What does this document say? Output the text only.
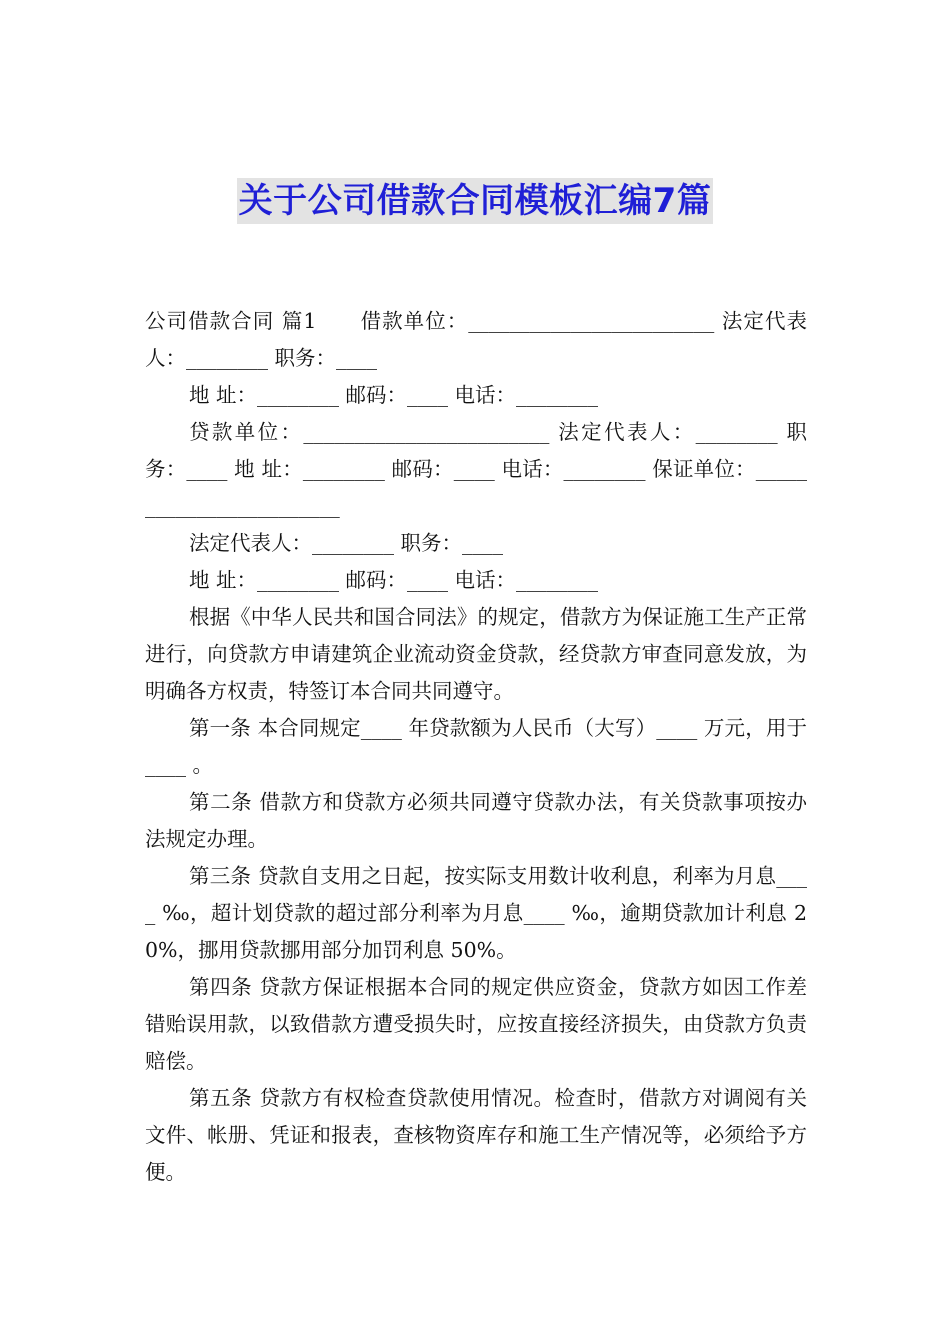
关于公司借款合同模板汇编7篇

公司借款合同 篇1　　借款单位：________________________ 法定代表人：________ 职务：____

地 址：________ 邮码：____ 电话：________

贷款单位：________________________ 法定代表人：________ 职务：____ 地 址：________ 邮码：____ 电话：________ 保证单位：________________________

法定代表人：________ 职务：____

地 址：________ 邮码：____ 电话：________

根据《中华人民共和国合同法》的规定，借款方为保证施工生产正常进行，向贷款方申请建筑企业流动资金贷款，经贷款方审查同意发放，为明确各方权责，特签订本合同共同遵守。

第一条 本合同规定____ 年贷款额为人民币（大写）____ 万元，用于____ 。

第二条 借款方和贷款方必须共同遵守贷款办法，有关贷款事项按办法规定办理。

第三条 贷款自支用之日起，按实际支用数计收利息，利率为月息____ ‰，超计划贷款的超过部分利率为月息____ ‰，逾期贷款加计利息 20%，挪用贷款挪用部分加罚利息 50%。

第四条 贷款方保证根据本合同的规定供应资金，贷款方如因工作差错贻误用款，以致借款方遭受损失时，应按直接经济损失，由贷款方负责赔偿。

第五条 贷款方有权检查贷款使用情况。检查时，借款方对调阅有关文件、帐册、凭证和报表，查核物资库存和施工生产情况等，必须给予方便。
